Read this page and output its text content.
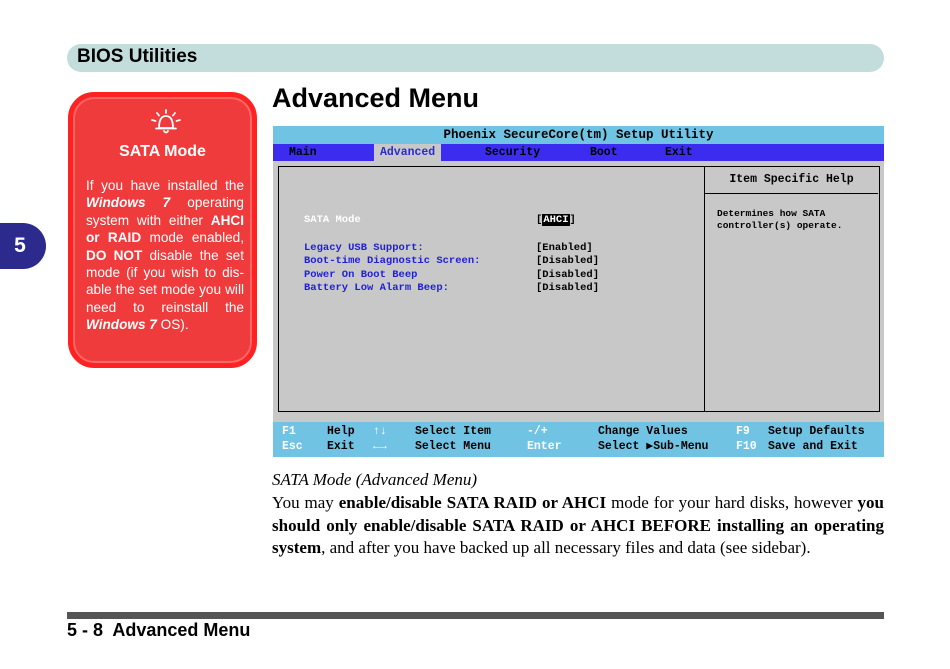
BIOS Utilities
5
SATA Mode
If you have installed the Windows 7 operating system with either AHCI or RAID mode enabled, DO NOT disable the set mode (if you wish to dis-able the set mode you will need to reinstall the Windows 7 OS).
Advanced Menu
Phoenix SecureCore(tm) Setup Utility
Main	Advanced	Security	Boot	Exit
SATA Mode	[AHCI]
Legacy USB Support:	[Enabled]
Boot-time Diagnostic Screen:	[Disabled]
Power On Boot Beep	[Disabled]
Battery Low Alarm Beep:	[Disabled]
Item Specific Help
Determines how SATA controller(s) operate.
F1	Help ↑↓ Select Item	-/+	Change Values	F9 Setup Defaults
Esc Exit ←→ Select Menu	Enter	Select ▶Sub-Menu F10 Save and Exit
SATA Mode (Advanced Menu)
You may enable/disable SATA RAID or AHCI mode for your hard disks, however you should only enable/disable SATA RAID or AHCI BEFORE installing an operating system, and after you have backed up all necessary files and data (see sidebar).
5 - 8  Advanced Menu
